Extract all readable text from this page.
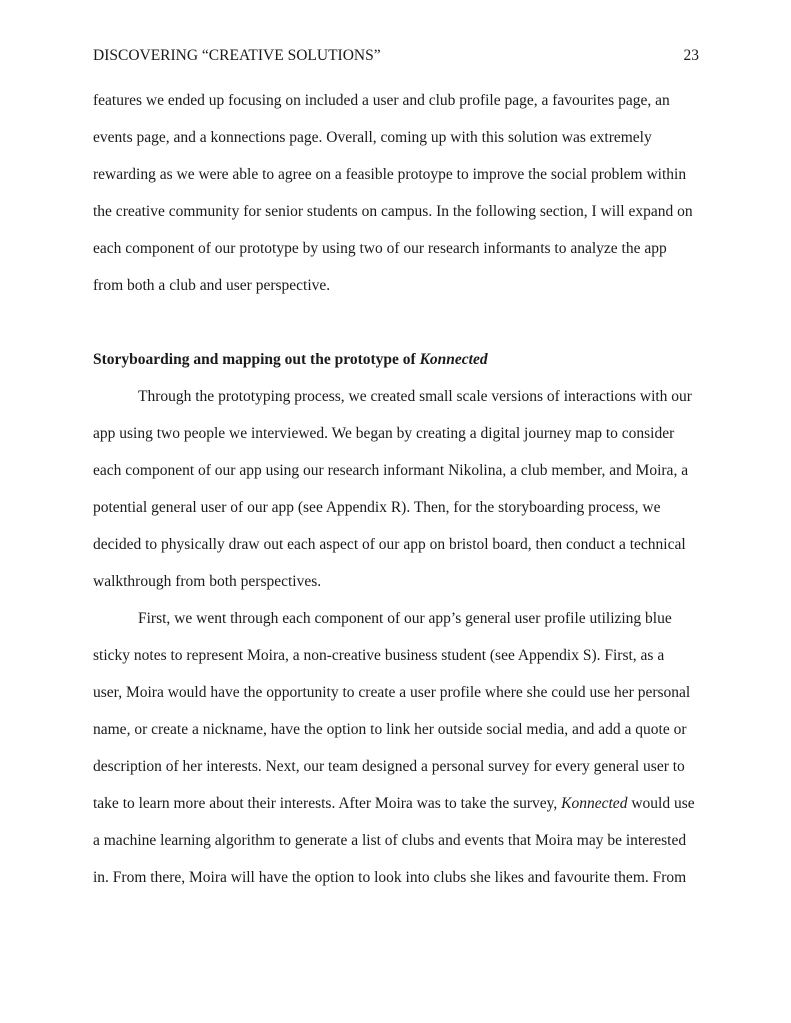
DISCOVERING “CREATIVE SOLUTIONS”	23
features we ended up focusing on included a user and club profile page, a favourites page, an
events page, and a konnections page. Overall, coming up with this solution was extremely
rewarding as we were able to agree on a feasible protoype to improve the social problem within
the creative community for senior students on campus. In the following section, I will expand on
each component of our prototype by using two of our research informants to analyze the app
from both a club and user perspective.
Storyboarding and mapping out the prototype of Konnected
Through the prototyping process, we created small scale versions of interactions with our
app using two people we interviewed. We began by creating a digital journey map to consider
each component of our app using our research informant Nikolina, a club member, and Moira, a
potential general user of our app (see Appendix R). Then, for the storyboarding process, we
decided to physically draw out each aspect of our app on bristol board, then conduct a technical
walkthrough from both perspectives.
First, we went through each component of our app’s general user profile utilizing blue
sticky notes to represent Moira, a non-creative business student (see Appendix S). First, as a
user, Moira would have the opportunity to create a user profile where she could use her personal
name, or create a nickname, have the option to link her outside social media, and add a quote or
description of her interests. Next, our team designed a personal survey for every general user to
take to learn more about their interests. After Moira was to take the survey, Konnected would use
a machine learning algorithm to generate a list of clubs and events that Moira may be interested
in. From there, Moira will have the option to look into clubs she likes and favourite them. From
